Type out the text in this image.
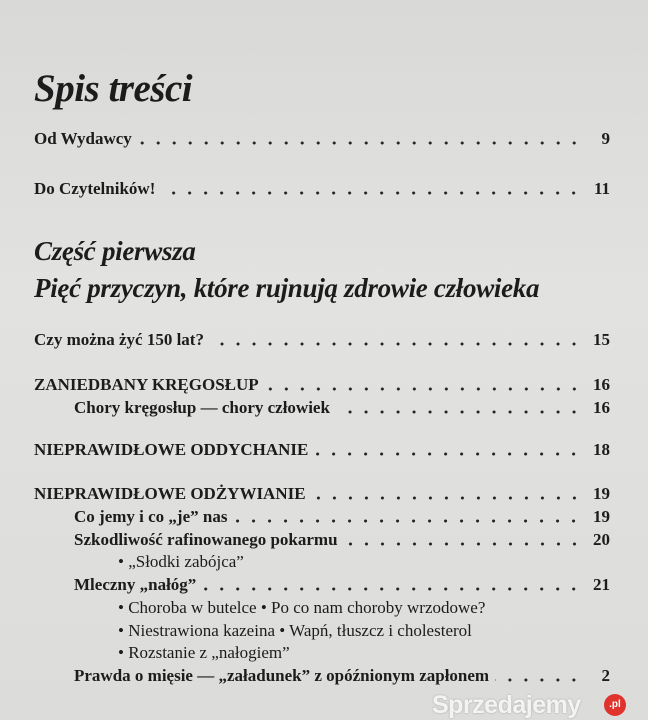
Spis treści
Od Wydawcy	9
Do Czytelników!	11
Część pierwsza
Pięć przyczyn, które rujnują zdrowie człowieka
Czy można żyć 150 lat?	15
ZANIEDBANY KRĘGOSŁUP	16
Chory kręgosłup — chory człowiek	16
NIEPRAWIDŁOWE ODDYCHANIE	18
NIEPRAWIDŁOWE ODŻYWIANIE	19
Co jemy i co „je” nas	19
Szkodliwość rafinowanego pokarmu	20
• „Słodki zabójca”
Mleczny „nałóg”	21
• Choroba w butelce • Po co nam choroby wrzodowe?
• Niestrawiona kazeina • Wapń, tłuszcz i cholesterol
• Rozstanie z „nałogiem”
Prawda o mięsie — „załadunek” z opóźnionym zapłonem	2
Sprzedajemy	.pl
